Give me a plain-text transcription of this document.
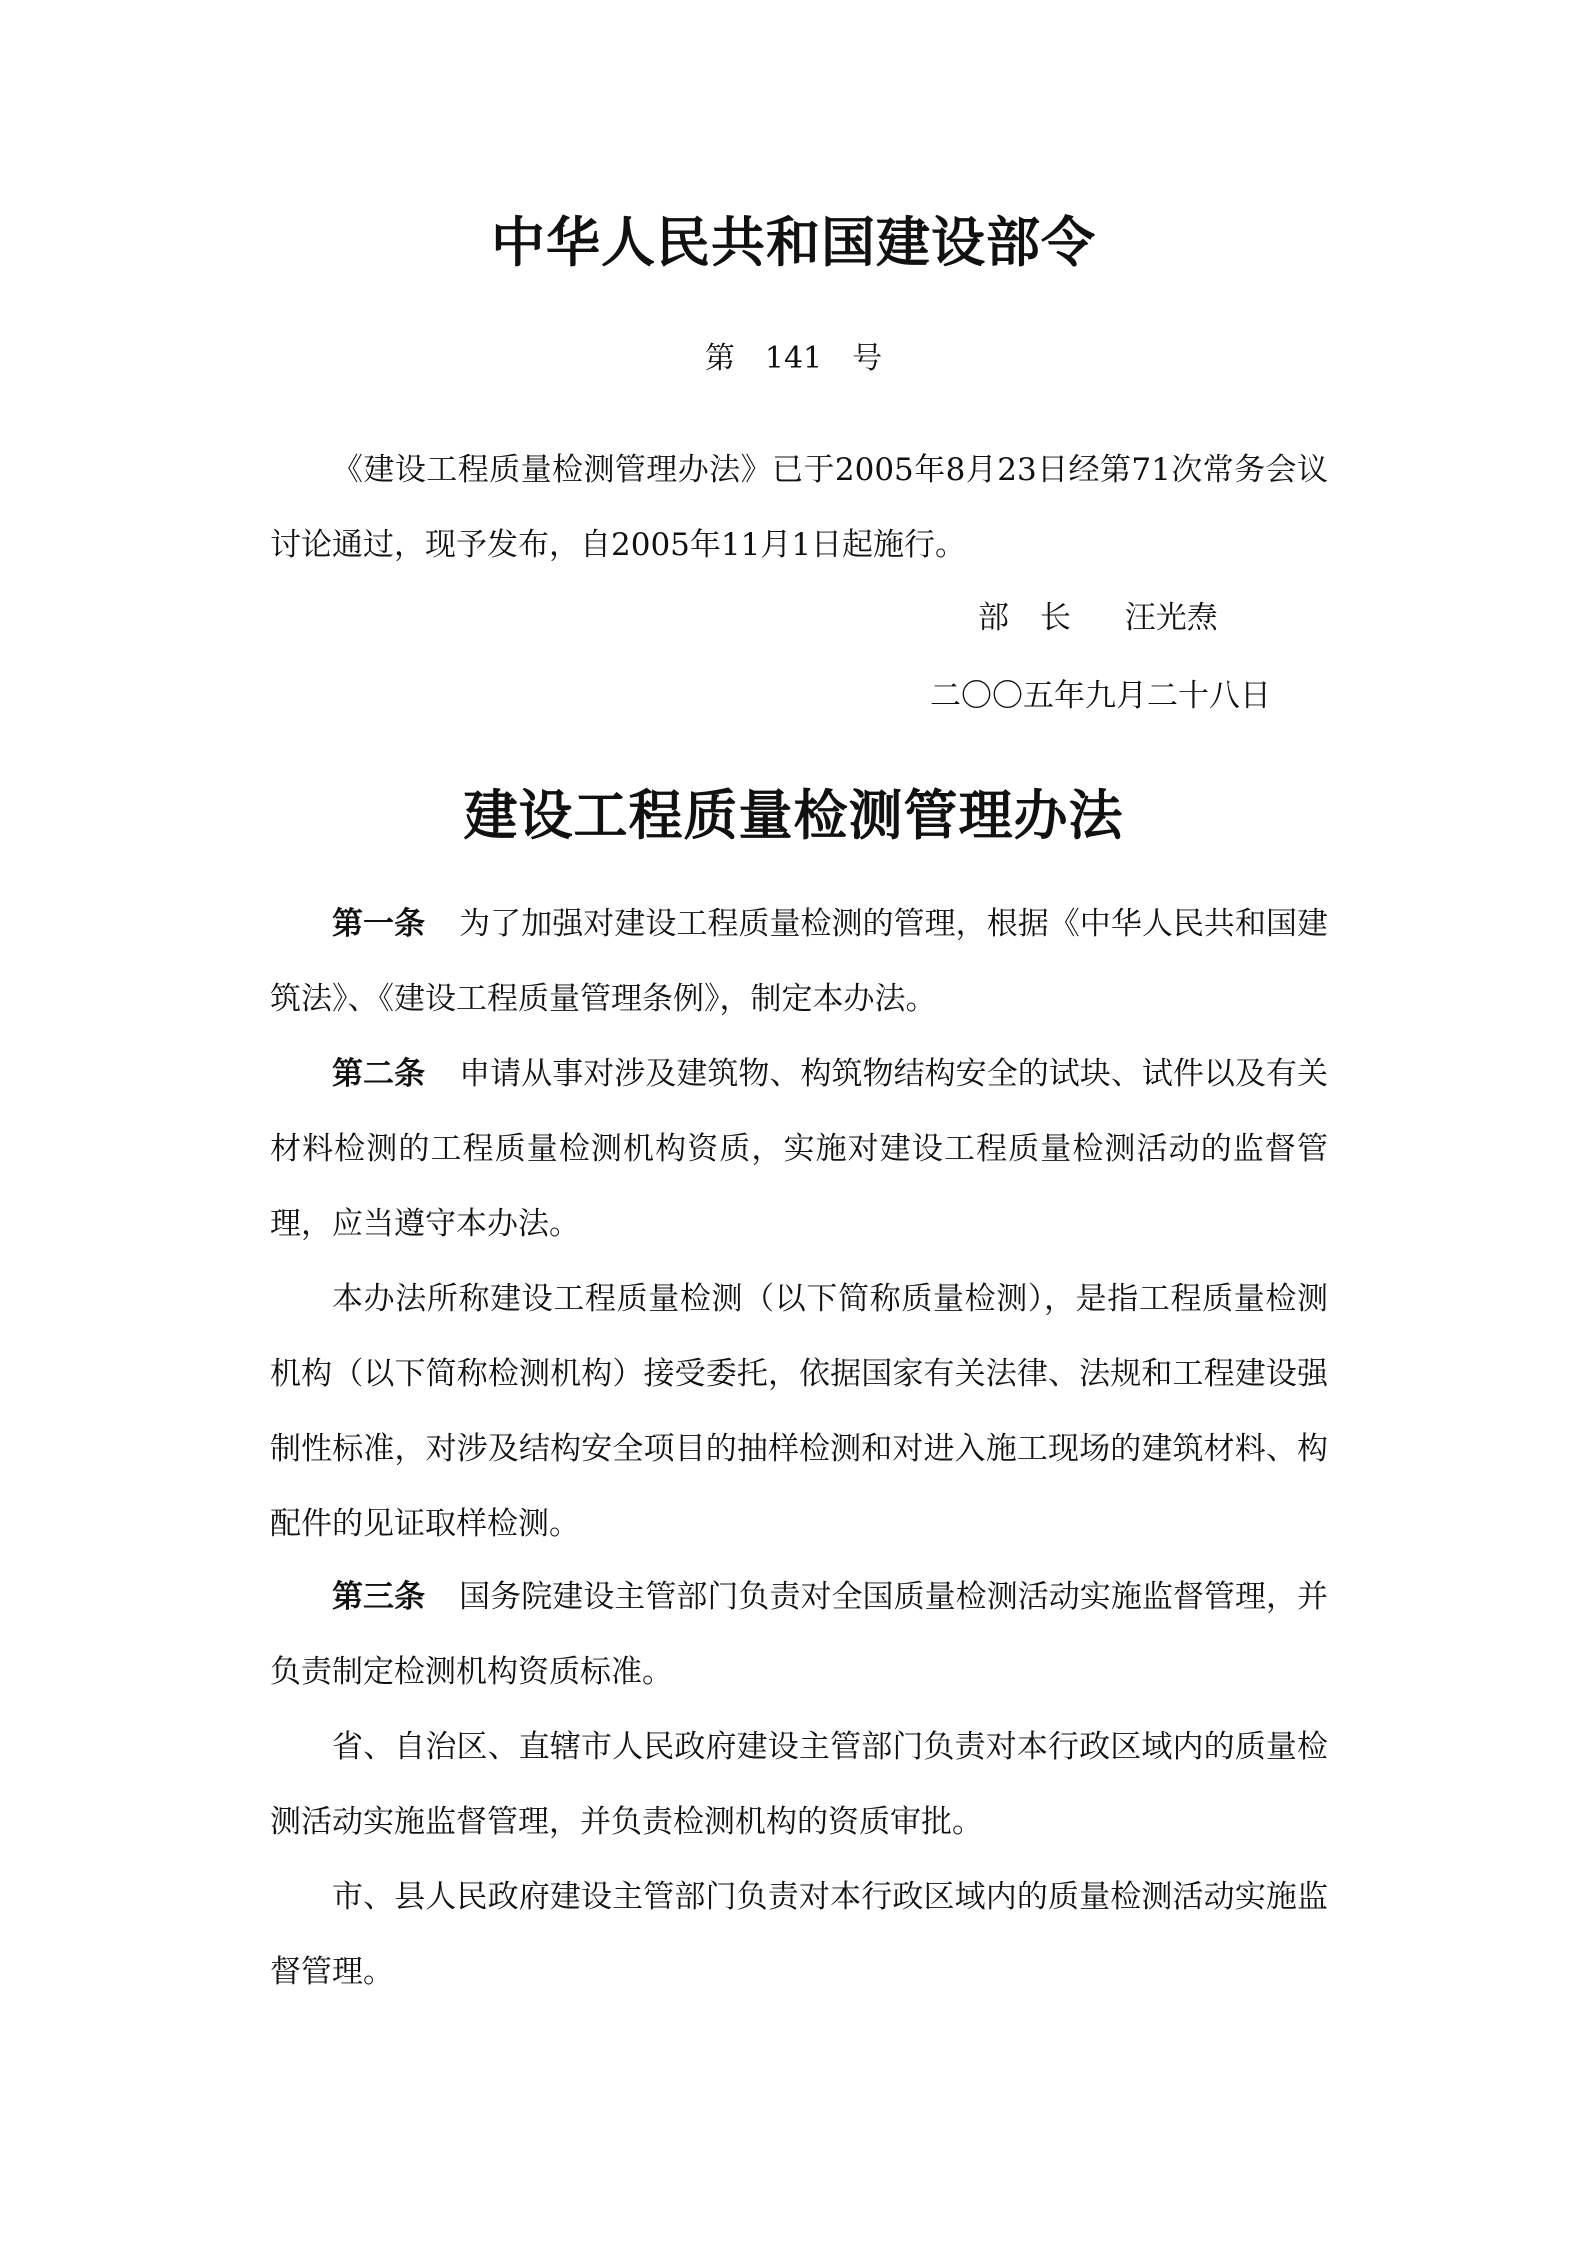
中华人民共和国建设部令
第　141　号

《建设工程质量检测管理办法》已于2005年8月23日经第71次常务会议讨论通过，现予发布，自2005年11月1日起施行。

部　长 汪光焘
二〇〇五年九月二十八日
建设工程质量检测管理办法

第一条 为了加强对建设工程质量检测的管理，根据《中华人民共和国建筑法》、《建设工程质量管理条例》，制定本办法。

第二条 申请从事对涉及建筑物、构筑物结构安全的试块、试件以及有关材料检测的工程质量检测机构资质，实施对建设工程质量检测活动的监督管理，应当遵守本办法。

本办法所称建设工程质量检测（以下简称质量检测），是指工程质量检测机构（以下简称检测机构）接受委托，依据国家有关法律、法规和工程建设强制性标准，对涉及结构安全项目的抽样检测和对进入施工现场的建筑材料、构配件的见证取样检测。

第三条 国务院建设主管部门负责对全国质量检测活动实施监督管理，并负责制定检测机构资质标准。

省、自治区、直辖市人民政府建设主管部门负责对本行政区域内的质量检测活动实施监督管理，并负责检测机构的资质审批。

市、县人民政府建设主管部门负责对本行政区域内的质量检测活动实施监督管理。
